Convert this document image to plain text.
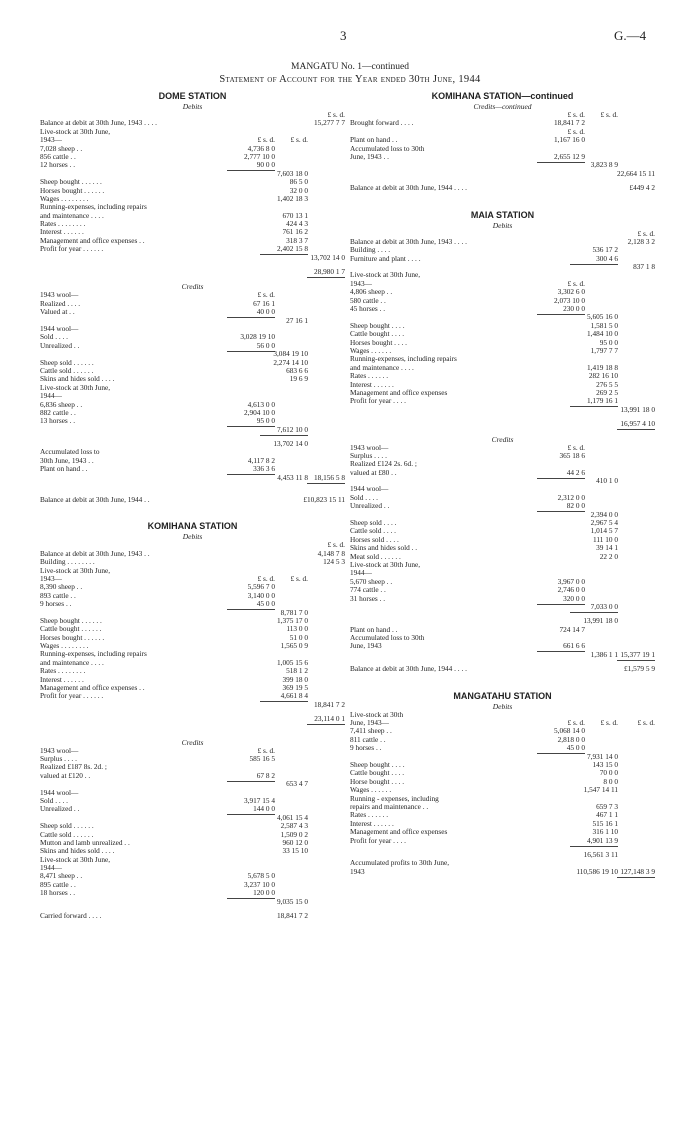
3	G.—4
MANGATU No. 1—continued
Statement of Account for the Year ended 30th June, 1944
DOME STATION
Debits
£ s. d.
Balance at debit at 30th June, 1943 . . . .	15,277 7 7
Live-stock at 30th June,
1943—	£ s. d. £ s. d.
7,028 sheep . .	4,736 8 0
856 cattle . .	2,777 10 0
12 horses . .	90 0 0
7,603 18 0
Sheep bought . . . . . .	86 5 0
Horses bought . . . . . .	32 0 0
Wages . . . . . . . .	1,402 18 3
Running-expenses, including repairs
and maintenance . . . .	670 13 1
Rates . . . . . . . .	424 4 3
Interest . . . . . .	761 16 2
Management and office expenses . .	318 3 7
Profit for year . . . . . .	2,402 15 8
13,702 14 0
28,980 1 7
Credits
1943 wool—	£ s. d.
Realized . . . .	67 16 1
Valued at . .	40 0 0
27 16 1
1944 wool—
Sold . . . .	3,028 19 10
Unrealized . .	56 0 0
3,084 19 10
Sheep sold . . . . . .	2,274 14 10
Cattle sold . . . . . .	683 6 6
Skins and hides sold . . . .	19 6 9
Live-stock at 30th June,
1944—
6,836 sheep . .	4,613 0 0
882 cattle . .	2,904 10 0
13 horses . .	95 0 0
7,612 10 0
13,702 14 0
Accumulated loss to
30th June, 1943 . .	4,117 8 2
Plant on hand . .	336 3 6
4,453 11 8 18,156 5 8
Balance at debit at 30th June, 1944 . .	£10,823 15 11
KOMIHANA STATION
Debits
£ s. d.
Balance at debit at 30th June, 1943 . .	4,148 7 8
Building . . . . . . . .	124 5 3
Live-stock at 30th June,
1943—	£ s. d. £ s. d.
8,390 sheep . .	5,596 7 0
893 cattle . .	3,140 0 0
9 horses . .	45 0 0
8,781 7 0
Sheep bought . . . . . .	1,375 17 0
Cattle bought . . . . . .	113 0 0
Horses bought . . . . . .	51 0 0
Wages . . . . . . . .	1,565 0 9
Running-expenses, including repairs
and maintenance . . . .	1,005 15 6
Rates . . . . . . . .	518 1 2
Interest . . . . . .	399 18 0
Management and office expenses . .	369 19 5
Profit for year . . . . . .	4,661 8 4
18,841 7 2
23,114 0 1
Credits
1943 wool—	£ s. d.
Surplus . . . .	585 16 5
Realized £187 8s. 2d. ;
valued at £120 . .	67 8 2
653 4 7
1944 wool—
Sold . . . .	3,917 15 4
Unrealized . .	144 0 0
4,061 15 4
Sheep sold . . . . . .	2,587 4 3
Cattle sold . . . . . .	1,509 0 2
Mutton and lamb unrealized . .	960 12 0
Skins and hides sold . . . .	33 15 10
Live-stock at 30th June,
1944—
8,471 sheep . .	5,678 5 0
895 cattle . .	3,237 10 0
18 horses . .	120 0 0
9,035 15 0
Carried forward . . . .	18,841 7 2
KOMIHANA STATION—continued
Credits—continued
£ s. d. £ s. d.
Brought forward . . . .	18,841 7 2
£ s. d.
Plant on hand . .	1,167 16 0
Accumulated loss to 30th
June, 1943 . .	2,655 12 9
3,823 8 9
22,664 15 11
Balance at debit at 30th June, 1944 . . . .	£449 4 2
MAIA STATION
Debits
£ s. d.
Balance at debit at 30th June, 1943 . . . .	2,128 3 2
Building . . . .	536 17 2
Furniture and plant . . . .	300 4 6
837 1 8
Live-stock at 30th June,
1943—	£ s. d.
4,806 sheep . .	3,302 6 0
580 cattle . .	2,073 10 0
45 horses . .	230 0 0
5,605 16 0
Sheep bought . . . .	1,581 5 0
Cattle bought . . . .	1,484 10 0
Horses bought . . . .	95 0 0
Wages . . . . . .	1,797 7 7
Running-expenses, including repairs
and maintenance . . . .	1,419 18 8
Rates . . . . . .	282 16 10
Interest . . . . . .	276 5 5
Management and office expenses	269 2 5
Profit for year . . . .	1,179 16 1
13,991 18 0
16,957 4 10
Credits
1943 wool—	£ s. d.
Surplus . . . .	365 18 6
Realized £124 2s. 6d. ;
valued at £80 . .	44 2 6
410 1 0
1944 wool—
Sold . . . .	2,312 0 0
Unrealized . .	82 0 0
2,394 0 0
Sheep sold . . . .	2,967 5 4
Cattle sold . . . .	1,014 5 7
Horses sold . . . .	111 10 0
Skins and hides sold . .	39 14 1
Meat sold . . . . . .	22 2 0
Live-stock at 30th June,
1944—
5,670 sheep . .	3,967 0 0
774 cattle . .	2,746 0 0
31 horses . .	320 0 0
7,033 0 0
13,991 18 0
Plant on hand . .	724 14 7
Accumulated loss to 30th
June, 1943	661 6 6
1,386 1 1 15,377 19 1
Balance at debit at 30th June, 1944 . . . .	£1,579 5 9
MANGATAHU STATION
Debits
Live-stock at 30th
June, 1943—	£ s. d. £ s. d.	£ s. d.
7,411 sheep . .	5,068 14 0
811 cattle . .	2,818 0 0
9 horses . .	45 0 0
7,931 14 0
Sheep bought . . . .	143 15 0
Cattle bought . . . .	70 0 0
Horse bought . . . .	8 0 0
Wages . . . . . .	1,547 14 11
Running - expenses, including
repairs and maintenance . .	659 7 3
Rates . . . . . .	467 1 1
Interest . . . . . .	515 16 1
Management and office expenses	316 1 10
Profit for year . . . .	4,901 13 9
16,561 3 11
Accumulated profits to 30th June,
1943	110,586 19 10 127,148 3 9
